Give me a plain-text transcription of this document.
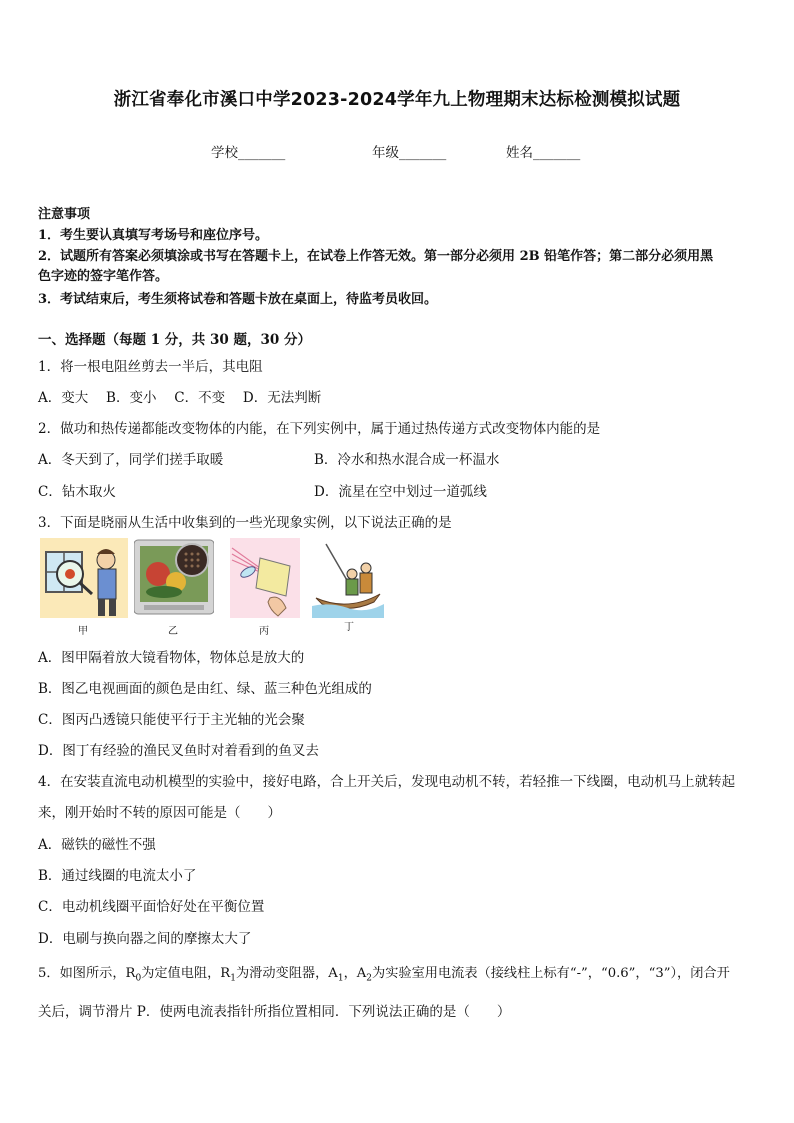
浙江省奉化市溪口中学2023-2024学年九上物理期末达标检测模拟试题
学校_______	年级_______	姓名_______
注意事项
1．考生要认真填写考场号和座位序号。
2．试题所有答案必须填涂或书写在答题卡上，在试卷上作答无效。第一部分必须用 2B 铅笔作答；第二部分必须用黑
色字迹的签字笔作答。
3．考试结束后，考生须将试卷和答题卡放在桌面上，待监考员收回。
一、选择题（每题 1 分，共 30 题，30 分）
1．将一根电阻丝剪去一半后，其电阻
A．变大　 B．变小　 C．不变　 D．无法判断
2．做功和热传递都能改变物体的内能，在下列实例中，属于通过热传递方式改变物体内能的是
A．冬天到了，同学们搓手取暖	B．冷水和热水混合成一杯温水
C．钻木取火	D．流星在空中划过一道弧线
3．下面是晓丽从生活中收集到的一些光现象实例，以下说法正确的是
甲	乙	丙	丁
A．图甲隔着放大镜看物体，物体总是放大的
B．图乙电视画面的颜色是由红、绿、蓝三种色光组成的
C．图丙凸透镜只能使平行于主光轴的光会聚
D．图丁有经验的渔民叉鱼时对着看到的鱼叉去
4．在安装直流电动机模型的实验中，接好电路，合上开关后，发现电动机不转，若轻推一下线圈，电动机马上就转起
来，刚开始时不转的原因可能是（　　）
A．磁铁的磁性不强
B．通过线圈的电流太小了
C．电动机线圈平面恰好处在平衡位置
D．电刷与换向器之间的摩擦太大了
5．如图所示，$R_0$为定值电阻，$R_1$为滑动变阻器，$A_1$，$A_2$为实验室用电流表（接线柱上标有“-”，“0.6”，“3”），闭合开
关后，调节滑片 P．使两电流表指针所指位置相同．下列说法正确的是（　　）
